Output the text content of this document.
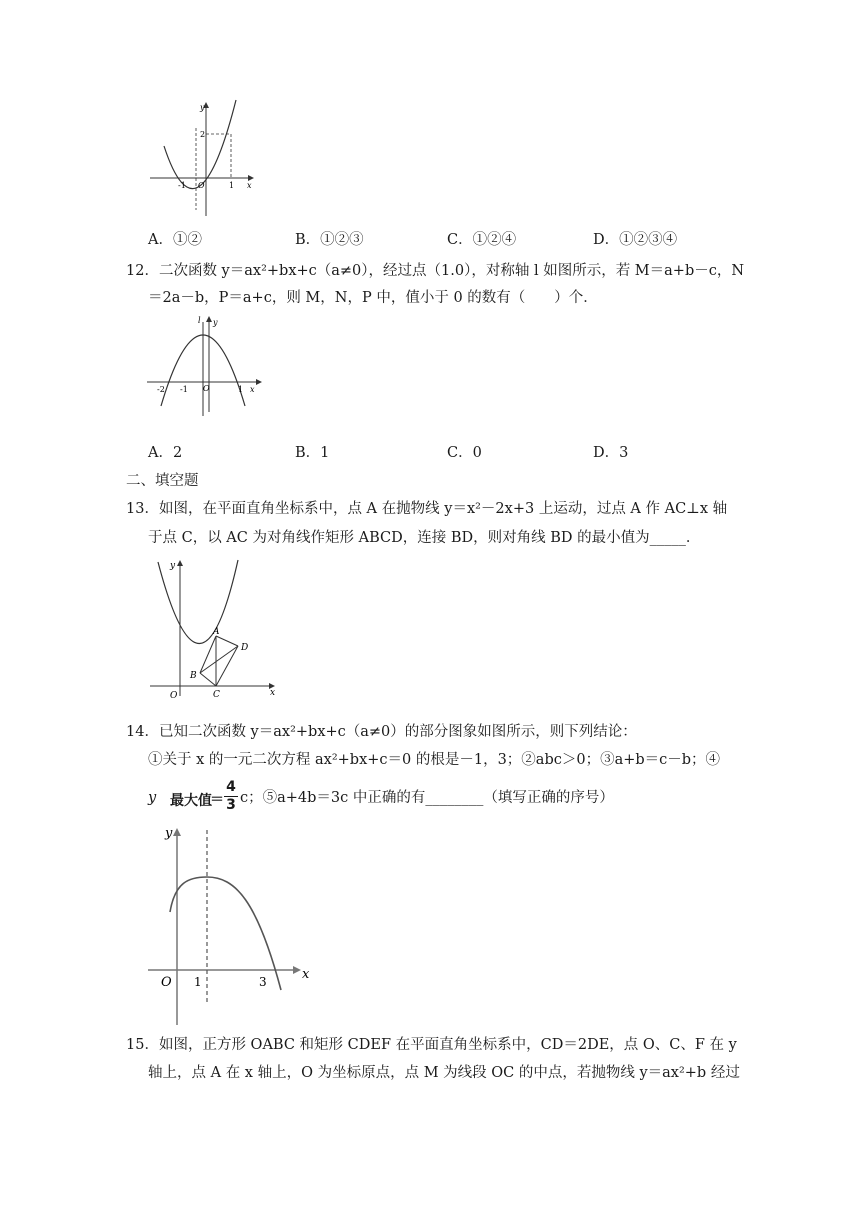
y
x
O
-1	1
2
A．①②	B．①②③	C．①②④	D．①②③④
12．二次函数 y＝ax²+bx+c（a≠0），经过点（1.0），对称轴 l 如图所示，若 M＝a+b－c，N
＝2a－b，P＝a+c，则 M，N，P 中，值小于 0 的数有（　　）个．
l y
x
O
-2 -1	1
A．2	B．1	C．0	D．3
二、填空题
13．如图，在平面直角坐标系中，点 A 在抛物线 y＝x²－2x+3 上运动，过点 A 作 AC⊥x 轴
于点 C，以 AC 为对角线作矩形 ABCD，连接 BD，则对角线 BD 的最小值为_____．
y
x
O
A
B
C
D
14．已知二次函数 y＝ax²+bx+c（a≠0）的部分图象如图所示，则下列结论：
①关于 x 的一元二次方程 ax²+bx+c＝0 的根是－1，3；②abc＞0；③a+b＝c－b；④
y 最大值
＝
4
3 c；⑤a+4b＝3c 中正确的有________（填写正确的序号）
y
x
O 1	3
15．如图，正方形 OABC 和矩形 CDEF 在平面直角坐标系中，CD＝2DE，点 O、C、F 在 y
轴上，点 A 在 x 轴上，O 为坐标原点，点 M 为线段 OC 的中点，若抛物线 y＝ax²+b 经过
